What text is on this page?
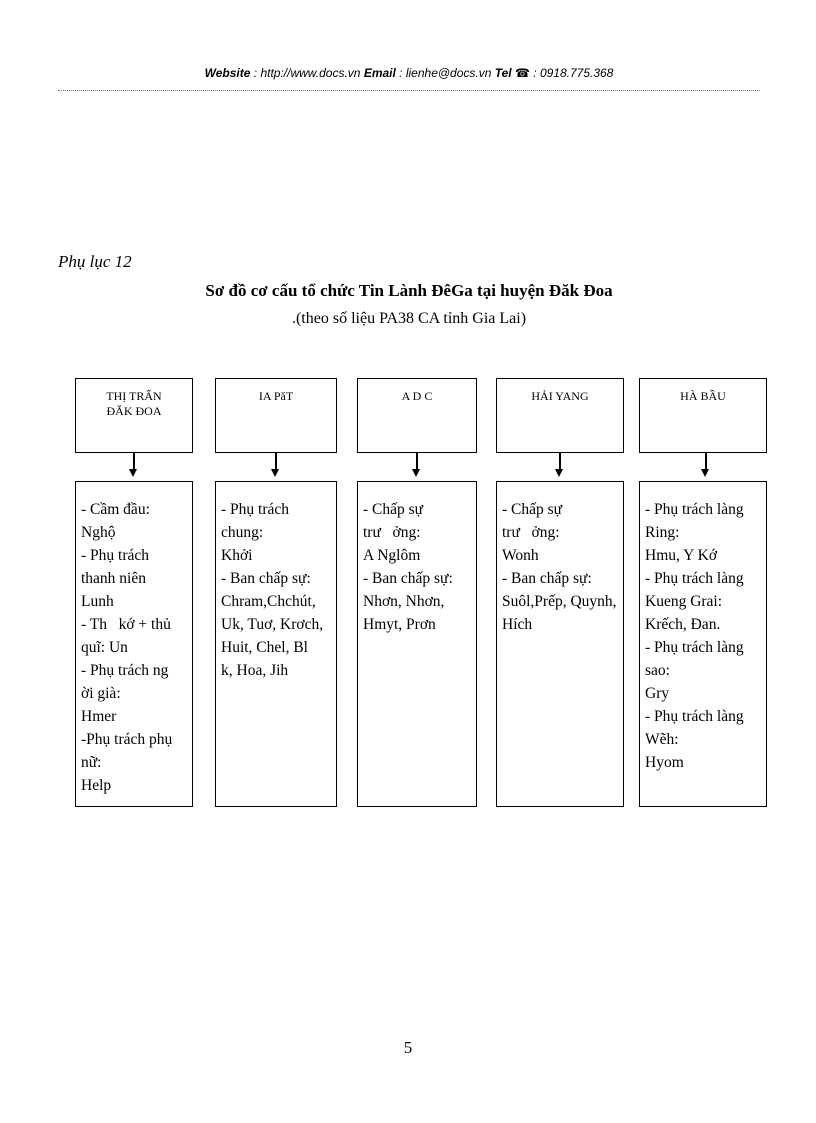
Website : http://www.docs.vn Email : lienhe@docs.vn Tel ☎ : 0918.775.368
Phụ lục 12
Sơ đồ cơ cấu tổ chức Tin Lành ĐêGa tại huyện Đăk Đoa
.(theo số liệu PA38 CA tỉnh Gia Lai)
THỊ TRẤN
ĐĂK ĐOA
- Cầm đầu: Nghộ
- Phụ trách thanh niên
Lunh
- Th   kớ + thủ quĩ: Un
- Phụ trách ng   ời già:
Hmer
-Phụ trách phụ nữ:
Help
IA PăT
- Phụ trách chung:
Khởi
- Ban chấp sự:
Chram,Chchút, Uk, Tuơ, Krơch, Huit, Chel, Bl   k, Hoa, Jih
A D C
- Chấp sự
trư   ởng:
A Nglôm
- Ban chấp sự:
Nhơn, Nhơn, Hmyt, Prơn
HẢI YANG
- Chấp sự
trư   ởng:
Wonh
- Ban chấp sự:
Suôl,Prếp, Quynh, Hích
HÀ BẦU
- Phụ trách làng
Ring:
Hmu, Y Kớ
- Phụ trách làng
Kueng Grai:
Krếch, Đan.
- Phụ trách làng
sao:
Gry
- Phụ trách làng
Wẽh:
Hyom
5
